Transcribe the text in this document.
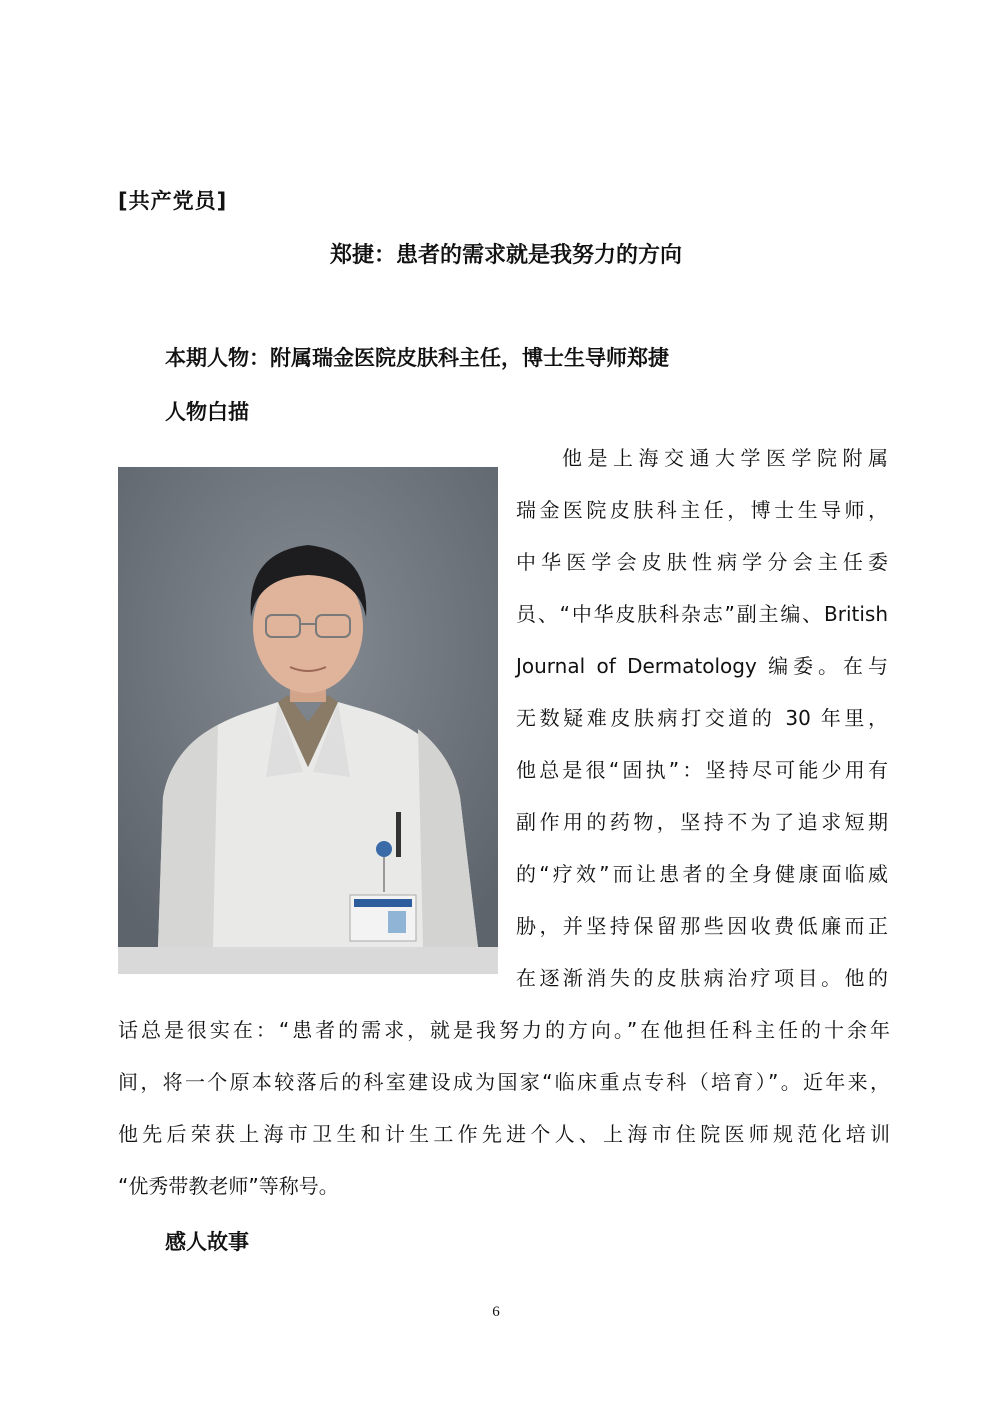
[共产党员]
郑捷：患者的需求就是我努力的方向
本期人物：附属瑞金医院皮肤科主任，博士生导师郑捷
人物白描
他是上海交通大学医学院附属
瑞金医院皮肤科主任，博士生导师，
中华医学会皮肤性病学分会主任委
员、“中华皮肤科杂志”副主编、British
Journal of Dermatology 编委。在与
无数疑难皮肤病打交道的 30 年里，
他总是很“固执”：坚持尽可能少用有
副作用的药物，坚持不为了追求短期
的“疗效”而让患者的全身健康面临威
胁，并坚持保留那些因收费低廉而正
在逐渐消失的皮肤病治疗项目。他的
话总是很实在：“患者的需求，就是我努力的方向。”在他担任科主任的十余年
间，将一个原本较落后的科室建设成为国家“临床重点专科（培育）”。近年来，
他先后荣获上海市卫生和计生工作先进个人、上海市住院医师规范化培训
“优秀带教老师”等称号。
感人故事
6
